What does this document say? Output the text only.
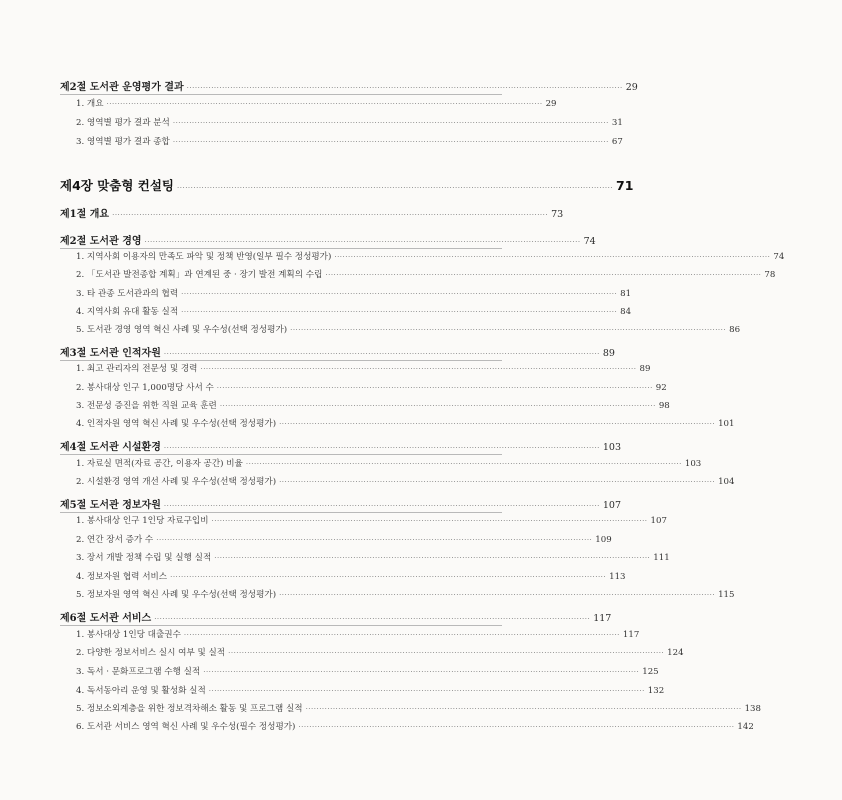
제2절 도서관 운영평가 결과 ································································································································································ 29
1. 개요 ································································································································································ 29
2. 영역별 평가 결과 분석 ································································································································································ 31
3. 영역별 평가 결과 종합 ································································································································································ 67
제4장 맞춤형 컨설팅 ································································································································································ 71
제1절 개요 ································································································································································ 73
제2절 도서관 경영 ································································································································································ 74
1. 지역사회 이용자의 만족도 파악 및 정책 반영(일부 필수 정성평가) ································································································································································ 74
2. 「도서관 발전종합 계획」과 연계된 중 · 장기 발전 계획의 수립 ································································································································································ 78
3. 타 관종 도서관과의 협력 ································································································································································ 81
4. 지역사회 유대 활동 실적 ································································································································································ 84
5. 도서관 경영 영역 혁신 사례 및 우수성(선택 정성평가) ································································································································································ 86
제3절 도서관 인적자원 ································································································································································ 89
1. 최고 관리자의 전문성 및 경력 ································································································································································ 89
2. 봉사대상 인구 1,000명당 사서 수 ································································································································································ 92
3. 전문성 증진을 위한 직원 교육 훈련 ································································································································································ 98
4. 인적자원 영역 혁신 사례 및 우수성(선택 정성평가) ································································································································································ 101
제4절 도서관 시설환경 ································································································································································ 103
1. 자료실 면적(자료 공간, 이용자 공간) 비율 ································································································································································ 103
2. 시설환경 영역 개선 사례 및 우수성(선택 정성평가) ································································································································································ 104
제5절 도서관 정보자원 ································································································································································ 107
1. 봉사대상 인구 1인당 자료구입비 ································································································································································ 107
2. 연간 장서 증가 수 ································································································································································ 109
3. 장서 개발 정책 수립 및 실행 실적 ································································································································································ 111
4. 정보자원 협력 서비스 ································································································································································ 113
5. 정보자원 영역 혁신 사례 및 우수성(선택 정성평가) ································································································································································ 115
제6절 도서관 서비스 ································································································································································ 117
1. 봉사대상 1인당 대출권수 ································································································································································ 117
2. 다양한 정보서비스 실시 여부 및 실적 ································································································································································ 124
3. 독서 · 문화프로그램 수행 실적 ································································································································································ 125
4. 독서동아리 운영 및 활성화 실적 ································································································································································ 132
5. 정보소외계층을 위한 정보격차해소 활동 및 프로그램 실적 ································································································································································ 138
6. 도서관 서비스 영역 혁신 사례 및 우수성(필수 정성평가) ································································································································································ 142
